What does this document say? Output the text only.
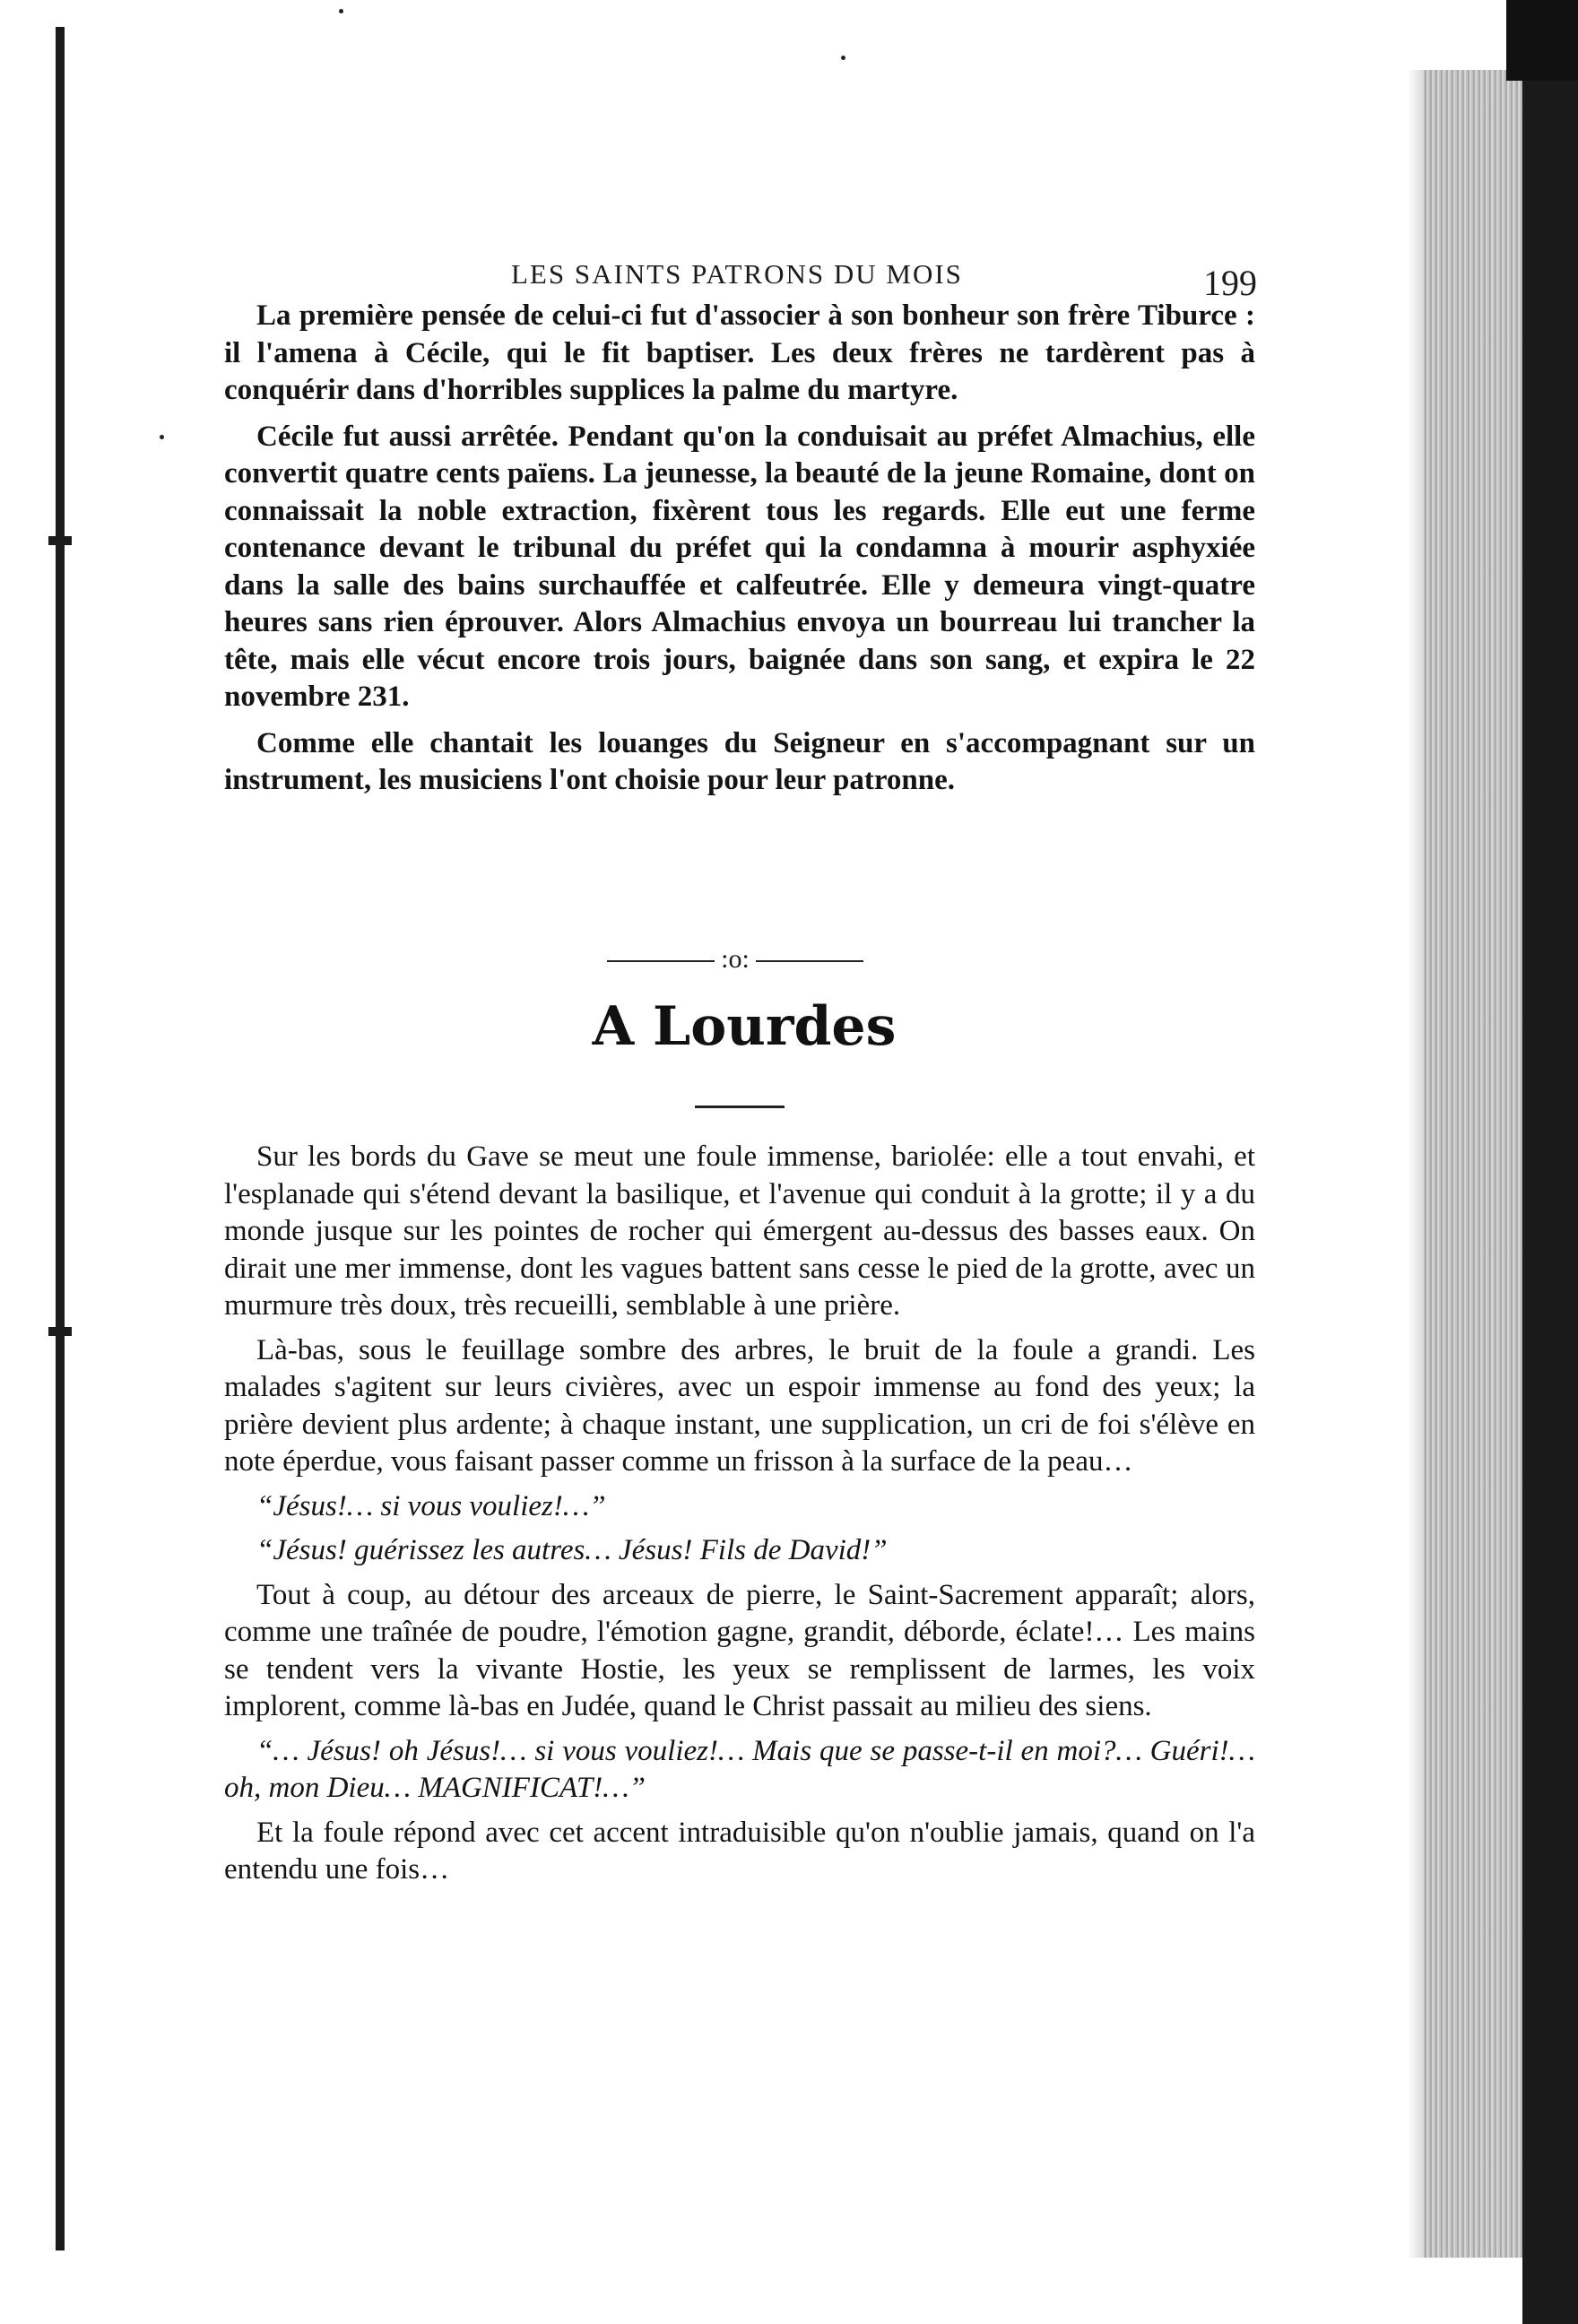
LES SAINTS PATRONS DU MOIS	199

La première pensée de celui-ci fut d'associer à son bonheur son frère Tiburce : il l'amena à Cécile, qui le fit baptiser. Les deux frères ne tardèrent pas à conquérir dans d'horribles supplices la palme du martyre.

Cécile fut aussi arrêtée. Pendant qu'on la conduisait au préfet Almachius, elle convertit quatre cents païens. La jeunesse, la beauté de la jeune Romaine, dont on connaissait la noble extraction, fixèrent tous les regards. Elle eut une ferme contenance devant le tribunal du préfet qui la condamna à mourir asphyxiée dans la salle des bains surchauffée et calfeutrée. Elle y demeura vingt-quatre heures sans rien éprouver. Alors Almachius envoya un bourreau lui trancher la tête, mais elle vécut encore trois jours, baignée dans son sang, et expira le 22 novembre 231.

Comme elle chantait les louanges du Seigneur en s'accompagnant sur un instrument, les musiciens l'ont choisie pour leur patronne.

:o:
A Lourdes

Sur les bords du Gave se meut une foule immense, bariolée: elle a tout envahi, et l'esplanade qui s'étend devant la basilique, et l'avenue qui conduit à la grotte; il y a du monde jusque sur les pointes de rocher qui émergent au-dessus des basses eaux. On dirait une mer immense, dont les vagues battent sans cesse le pied de la grotte, avec un murmure très doux, très recueilli, semblable à une prière.

Là-bas, sous le feuillage sombre des arbres, le bruit de la foule a grandi. Les malades s'agitent sur leurs civières, avec un espoir immense au fond des yeux; la prière devient plus ardente; à chaque instant, une supplication, un cri de foi s'élève en note éperdue, vous faisant passer comme un frisson à la surface de la peau…

“Jésus!… si vous vouliez!…”

“Jésus! guérissez les autres… Jésus! Fils de David!”

Tout à coup, au détour des arceaux de pierre, le Saint-Sacrement apparaît; alors, comme une traînée de poudre, l'émotion gagne, grandit, déborde, éclate!… Les mains se tendent vers la vivante Hostie, les yeux se remplissent de larmes, les voix implorent, comme là-bas en Judée, quand le Christ passait au milieu des siens.

“… Jésus! oh Jésus!… si vous vouliez!… Mais que se passe-t-il en moi?… Guéri!… oh, mon Dieu… MAGNIFICAT!…”

Et la foule répond avec cet accent intraduisible qu'on n'oublie jamais, quand on l'a entendu une fois…
